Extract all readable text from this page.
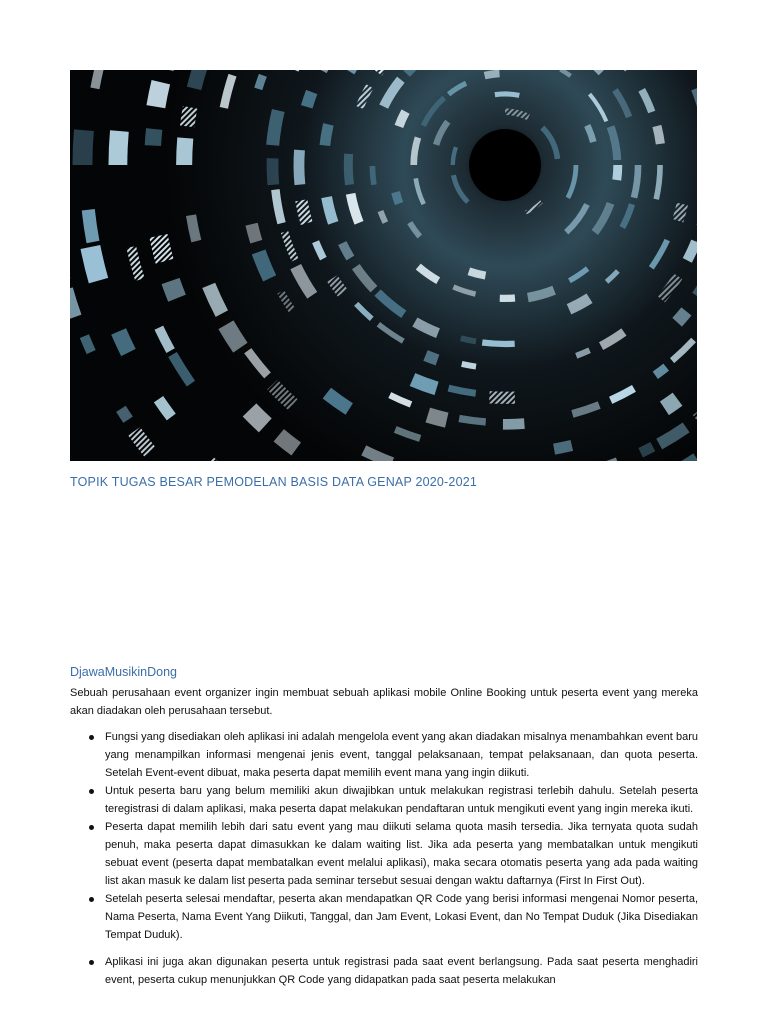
TOPIK TUGAS BESAR PEMODELAN BASIS DATA GENAP 2020-2021
DjawaMusikinDong

Sebuah perusahaan event organizer ingin membuat sebuah aplikasi mobile Online Booking untuk peserta event yang mereka akan diadakan oleh perusahaan tersebut.

Fungsi yang disediakan oleh aplikasi ini adalah mengelola event yang akan diadakan misalnya menambahkan event baru yang menampilkan informasi mengenai jenis event, tanggal pelaksanaan, tempat pelaksanaan, dan quota peserta. Setelah Event-event dibuat, maka peserta dapat memilih event mana yang ingin diikuti.
Untuk peserta baru yang belum memiliki akun diwajibkan untuk melakukan registrasi terlebih dahulu. Setelah peserta teregistrasi di dalam aplikasi, maka peserta dapat melakukan pendaftaran untuk mengikuti event yang ingin mereka ikuti.
Peserta dapat memilih lebih dari satu event yang mau diikuti selama quota masih tersedia. Jika ternyata quota sudah penuh, maka peserta dapat dimasukkan ke dalam waiting list. Jika ada peserta yang membatalkan untuk mengikuti sebuat event (peserta dapat membatalkan event melalui aplikasi), maka secara otomatis peserta yang ada pada waiting list akan masuk ke dalam list peserta pada seminar tersebut sesuai dengan waktu daftarnya (First In First Out).
Setelah peserta selesai mendaftar, peserta akan mendapatkan QR Code yang berisi informasi mengenai Nomor peserta, Nama Peserta, Nama Event Yang Diikuti, Tanggal, dan Jam Event, Lokasi Event, dan No Tempat Duduk (Jika Disediakan Tempat Duduk).
Aplikasi ini juga akan digunakan peserta untuk registrasi pada saat event berlangsung. Pada saat peserta menghadiri event, peserta cukup menunjukkan QR Code yang didapatkan pada saat peserta melakukan
